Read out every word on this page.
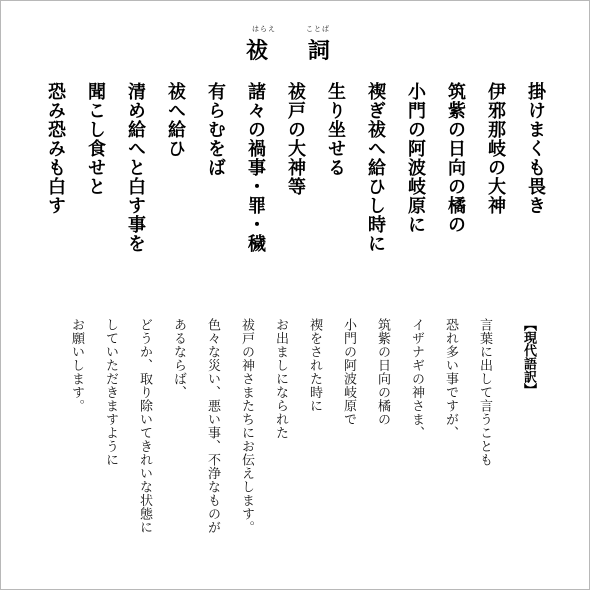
はらえ	ことば
祓 詞
掛けまくも畏き
伊邪那岐の大神
筑紫の日向の橘の
小門の阿波岐原に
禊ぎ祓へ給ひし時に
生り坐せる
祓戸の大神等
諸々の禍事・罪・穢
有らむをば
祓へ給ひ
清め給へと白す事を
聞こし食せと
恐み恐みも白す
【現代語訳】
言葉に出して言うことも
恐れ多い事ですが、
イザナギの神さま、
筑紫の日向の橘の
小門の阿波岐原で
禊をされた時に
お出ましになられた
祓戸の神さまたちにお伝えします。
色々な災い、悪い事、不浄なものが
あるならば、
どうか、取り除いてきれいな状態に
していただきますように
お願いします。
